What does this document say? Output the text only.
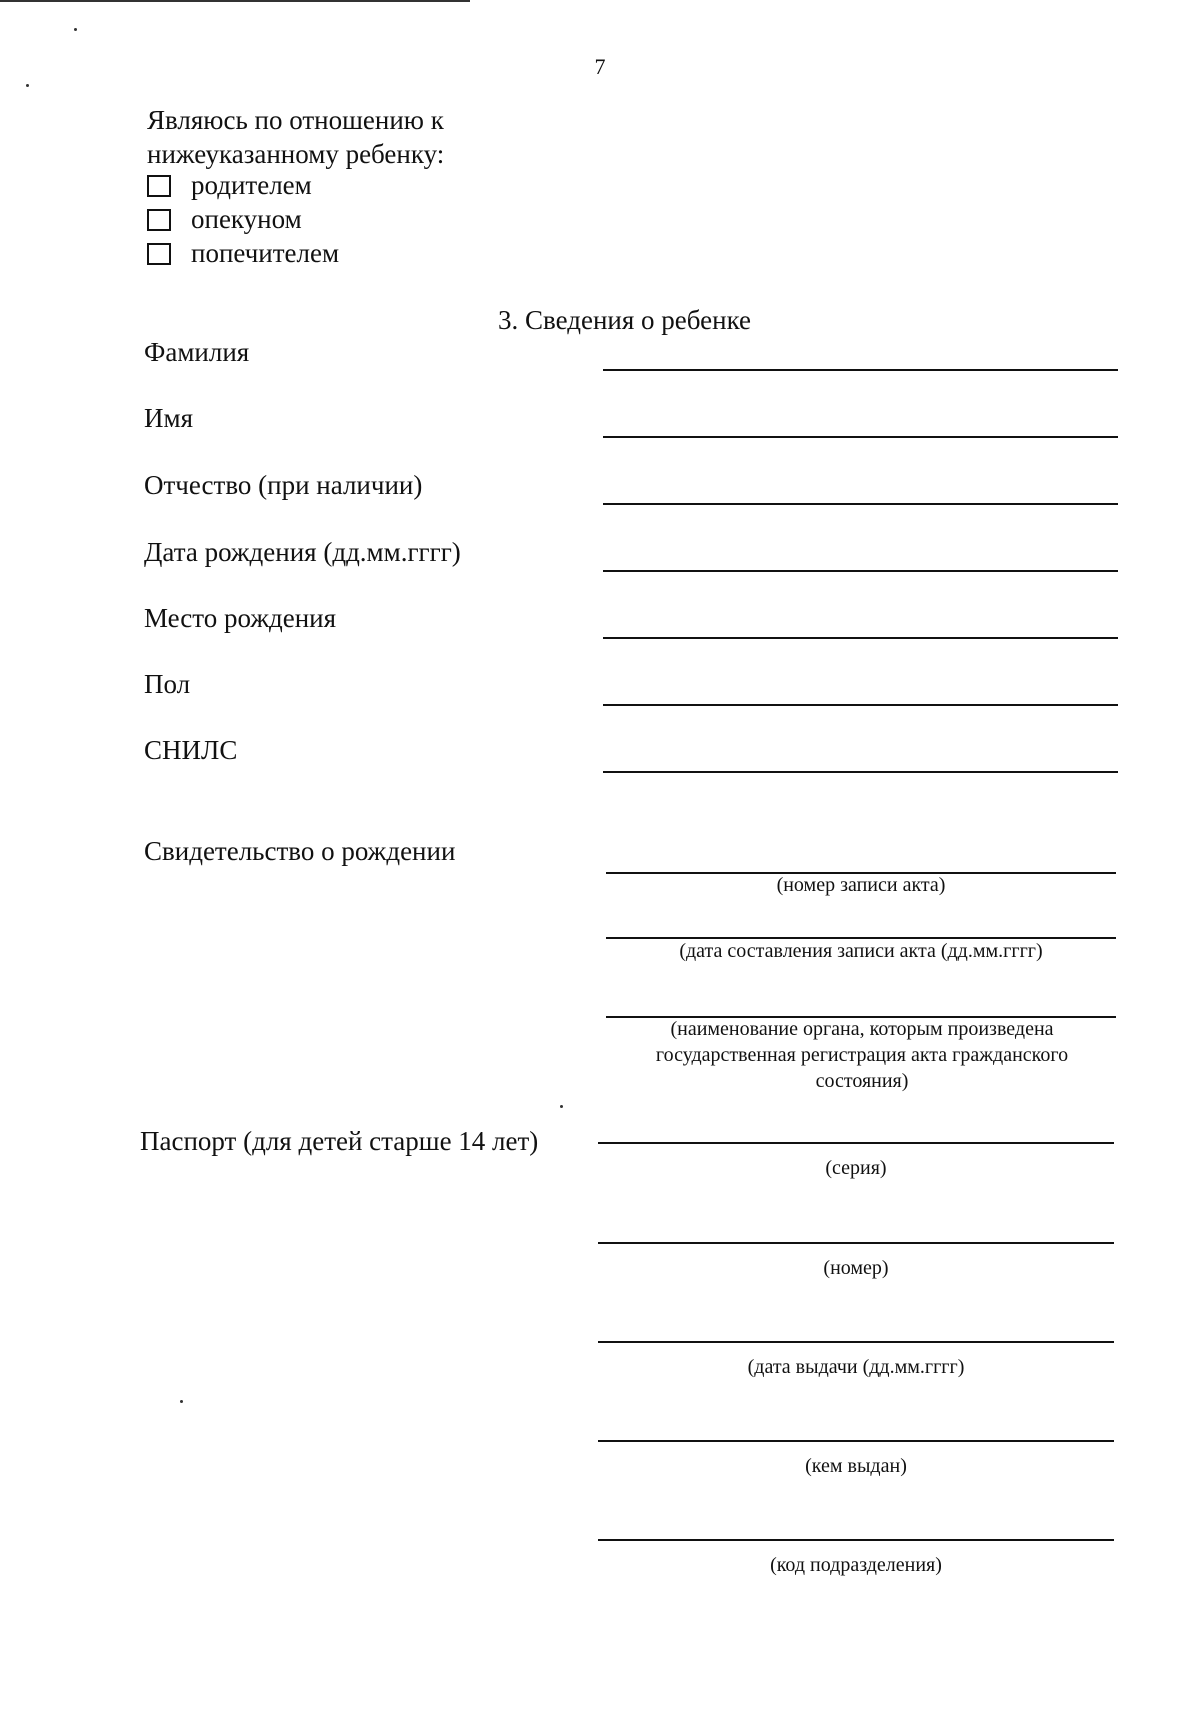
7
Являюсь по отношению к нижеуказанному ребенку:
родителем
опекуном
попечителем
3. Сведения о ребенке
Фамилия
Имя
Отчество (при наличии)
Дата рождения (дд.мм.гггг)
Место рождения
Пол
СНИЛС
Свидетельство о рождении
(номер записи акта)
(дата составления записи акта (дд.мм.гггг)
(наименование органа, которым произведена государственная регистрация акта гражданского состояния)
Паспорт (для детей старше 14 лет)
(серия)
(номер)
(дата выдачи (дд.мм.гггг)
(кем выдан)
(код подразделения)
